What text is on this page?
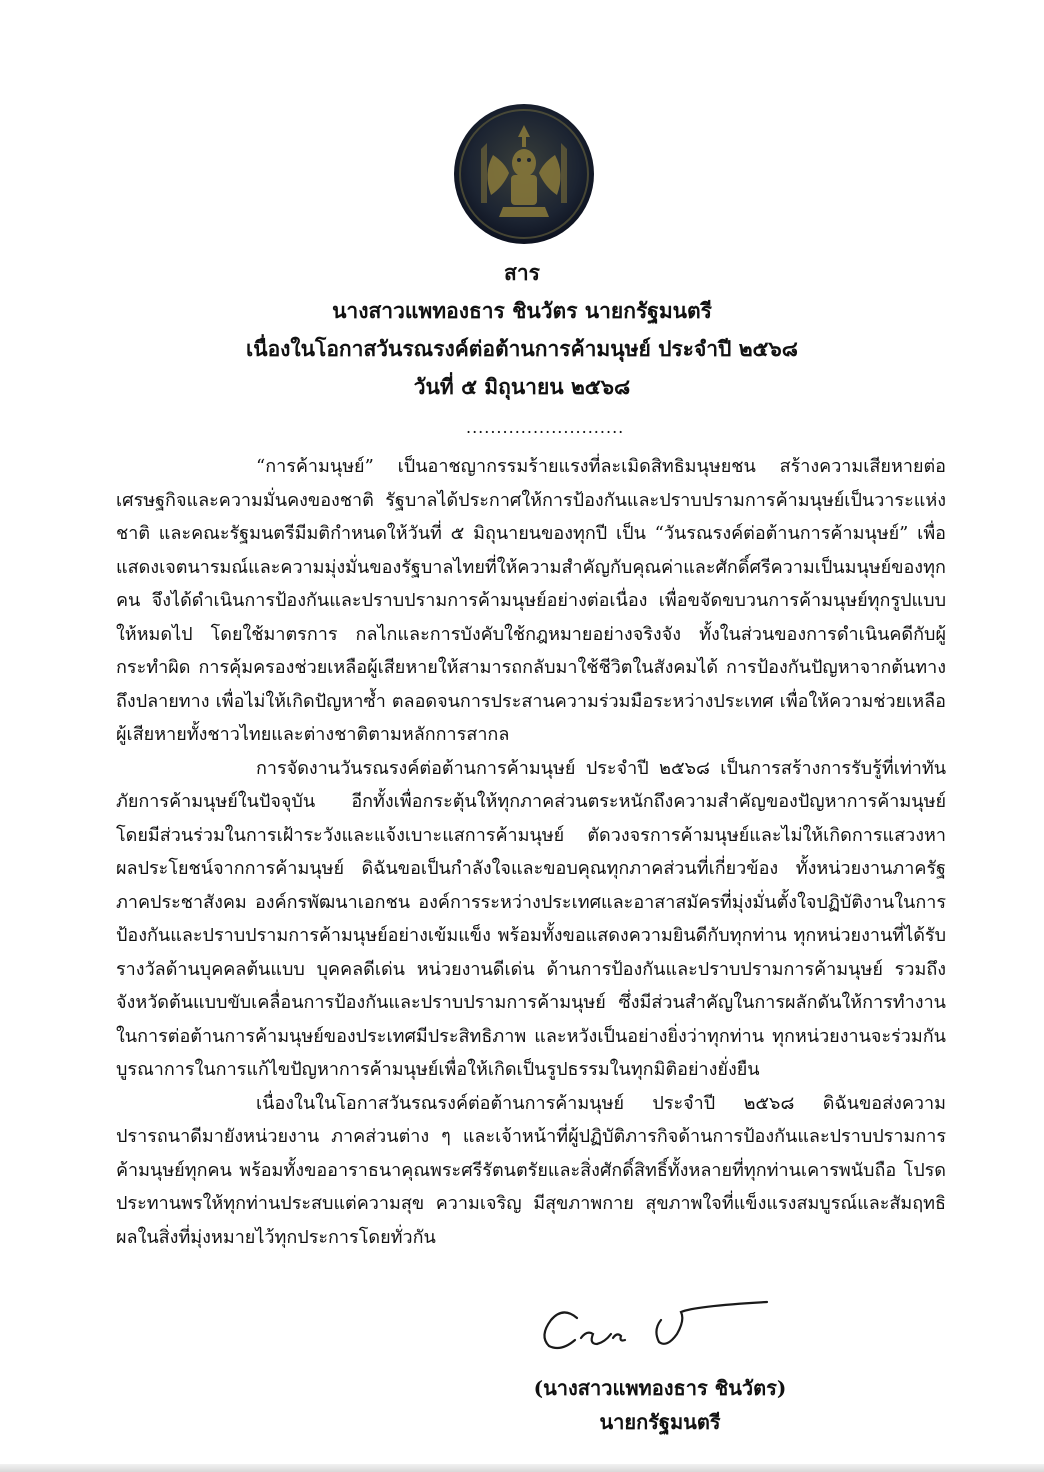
สาร
นางสาวแพทองธาร ชินวัตร นายกรัฐมนตรี
เนื่องในโอกาสวันรณรงค์ต่อต้านการค้ามนุษย์ ประจำปี ๒๕๖๘
วันที่ ๕ มิถุนายน ๒๕๖๘
..........................

“การค้ามนุษย์” เป็นอาชญากรรมร้ายแรงที่ละเมิดสิทธิมนุษยชน สร้างความเสียหายต่อเศรษฐกิจและความมั่นคงของชาติ รัฐบาลได้ประกาศให้การป้องกันและปราบปรามการค้ามนุษย์เป็นวาระแห่งชาติ และคณะรัฐมนตรีมีมติกำหนดให้วันที่ ๕ มิถุนายนของทุกปี เป็น “วันรณรงค์ต่อต้านการค้ามนุษย์” เพื่อแสดงเจตนารมณ์และความมุ่งมั่นของรัฐบาลไทยที่ให้ความสำคัญกับคุณค่าและศักดิ์ศรีความเป็นมนุษย์ของทุกคน จึงได้ดำเนินการป้องกันและปราบปรามการค้ามนุษย์อย่างต่อเนื่อง เพื่อขจัดขบวนการค้ามนุษย์ทุกรูปแบบให้หมดไป โดยใช้มาตรการ กลไกและการบังคับใช้กฎหมายอย่างจริงจัง ทั้งในส่วนของการดำเนินคดีกับผู้กระทำผิด การคุ้มครองช่วยเหลือผู้เสียหายให้สามารถกลับมาใช้ชีวิตในสังคมได้ การป้องกันปัญหาจากต้นทางถึงปลายทาง เพื่อไม่ให้เกิดปัญหาซ้ำ ตลอดจนการประสานความร่วมมือระหว่างประเทศ เพื่อให้ความช่วยเหลือผู้เสียหายทั้งชาวไทยและต่างชาติตามหลักการสากล

การจัดงานวันรณรงค์ต่อต้านการค้ามนุษย์ ประจำปี ๒๕๖๘ เป็นการสร้างการรับรู้ที่เท่าทันภัยการค้ามนุษย์ในปัจจุบัน อีกทั้งเพื่อกระตุ้นให้ทุกภาคส่วนตระหนักถึงความสำคัญของปัญหาการค้ามนุษย์ โดยมีส่วนร่วมในการเฝ้าระวังและแจ้งเบาะแสการค้ามนุษย์ ตัดวงจรการค้ามนุษย์และไม่ให้เกิดการแสวงหาผลประโยชน์จากการค้ามนุษย์ ดิฉันขอเป็นกำลังใจและขอบคุณทุกภาคส่วนที่เกี่ยวข้อง ทั้งหน่วยงานภาครัฐ ภาคประชาสังคม องค์กรพัฒนาเอกชน องค์การระหว่างประเทศและอาสาสมัครที่มุ่งมั่นตั้งใจปฏิบัติงานในการป้องกันและปราบปรามการค้ามนุษย์อย่างเข้มแข็ง พร้อมทั้งขอแสดงความยินดีกับทุกท่าน ทุกหน่วยงานที่ได้รับรางวัลด้านบุคคลต้นแบบ บุคคลดีเด่น หน่วยงานดีเด่น ด้านการป้องกันและปราบปรามการค้ามนุษย์ รวมถึงจังหวัดต้นแบบขับเคลื่อนการป้องกันและปราบปรามการค้ามนุษย์ ซึ่งมีส่วนสำคัญในการผลักดันให้การทำงานในการต่อต้านการค้ามนุษย์ของประเทศมีประสิทธิภาพ และหวังเป็นอย่างยิ่งว่าทุกท่าน ทุกหน่วยงานจะร่วมกันบูรณาการในการแก้ไขปัญหาการค้ามนุษย์เพื่อให้เกิดเป็นรูปธรรมในทุกมิติอย่างยั่งยืน

เนื่องในในโอกาสวันรณรงค์ต่อต้านการค้ามนุษย์ ประจำปี ๒๕๖๘ ดิฉันขอส่งความปรารถนาดีมายังหน่วยงาน ภาคส่วนต่าง ๆ และเจ้าหน้าที่ผู้ปฏิบัติภารกิจด้านการป้องกันและปราบปรามการค้ามนุษย์ทุกคน พร้อมทั้งขออาราธนาคุณพระศรีรัตนตรัยและสิ่งศักดิ์สิทธิ์ทั้งหลายที่ทุกท่านเคารพนับถือ โปรดประทานพรให้ทุกท่านประสบแต่ความสุข ความเจริญ มีสุขภาพกาย สุขภาพใจที่แข็งแรงสมบูรณ์และสัมฤทธิผลในสิ่งที่มุ่งหมายไว้ทุกประการโดยทั่วกัน

(นางสาวแพทองธาร ชินวัตร)
นายกรัฐมนตรี
